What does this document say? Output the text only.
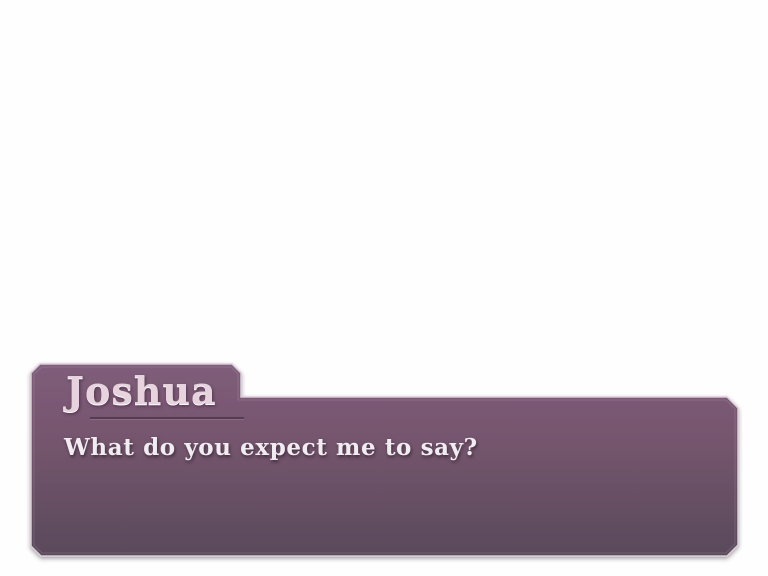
Joshua
What do you expect me to say?
